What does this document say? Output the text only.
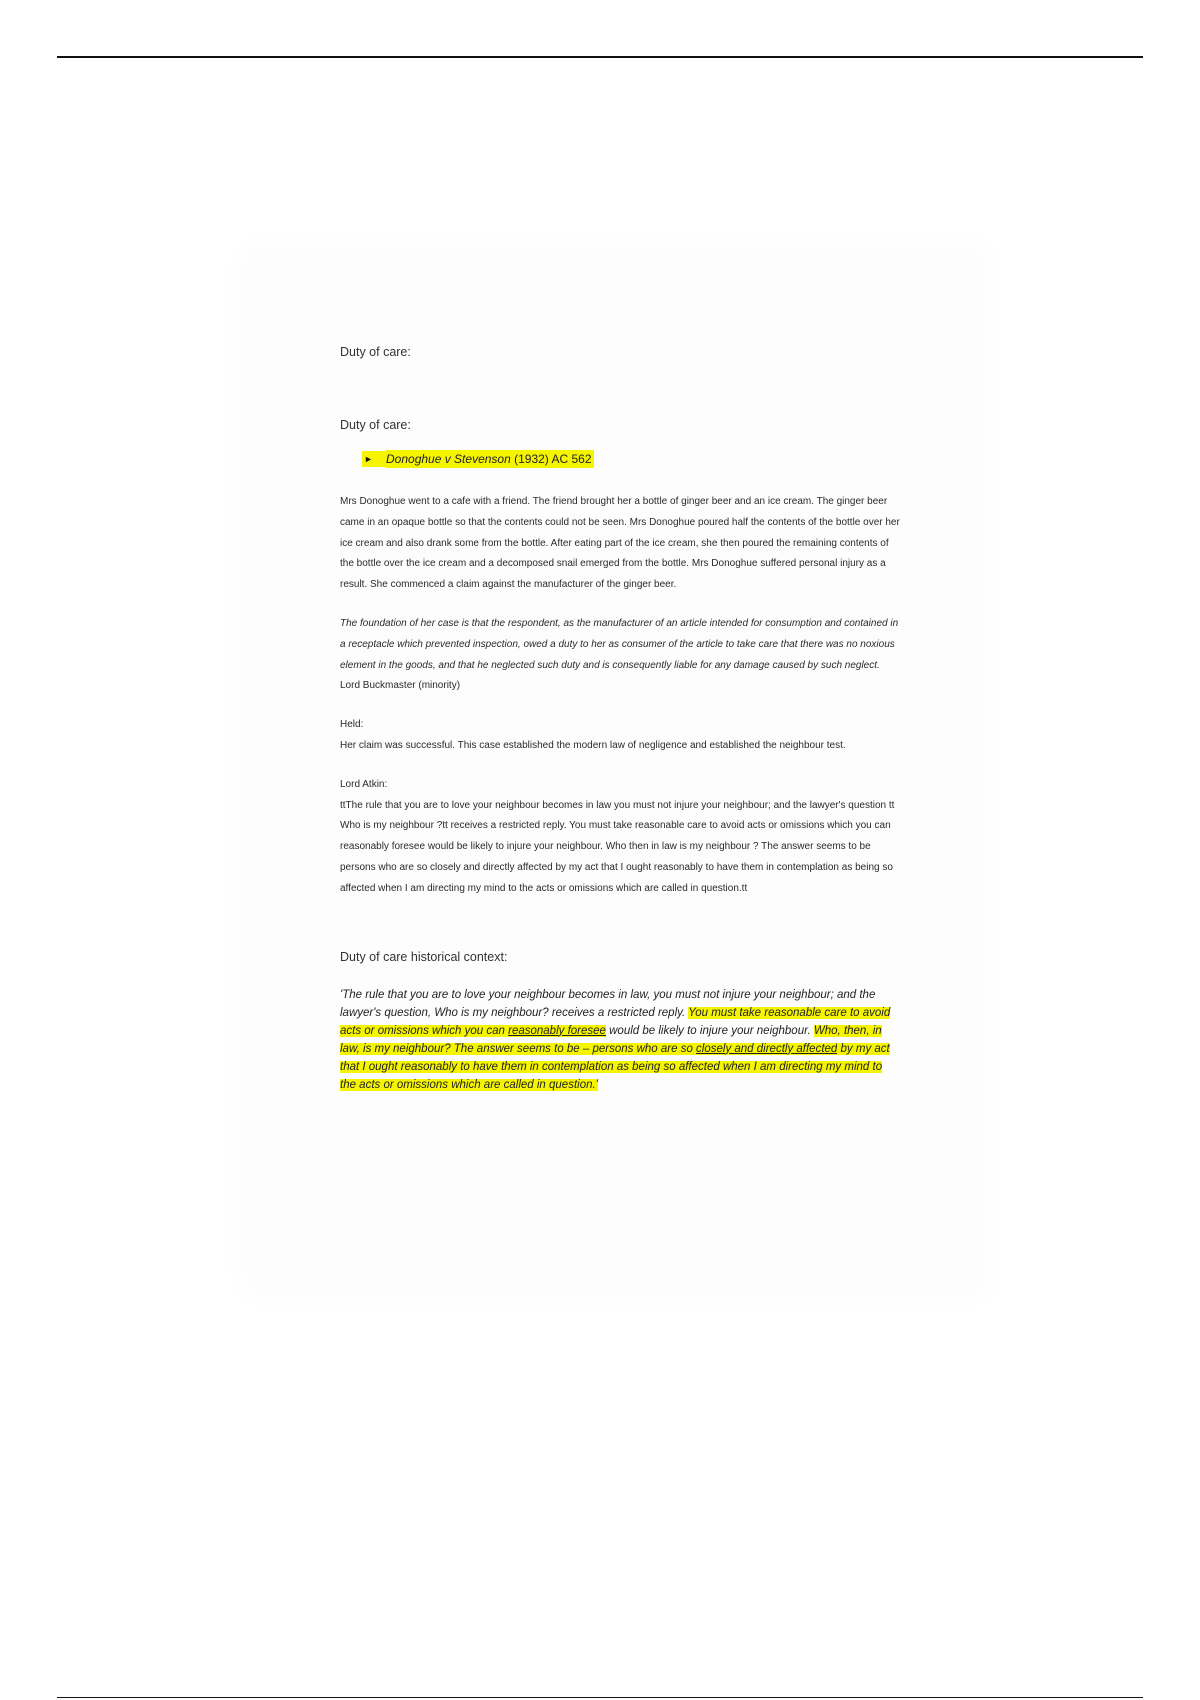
Duty of care:

Duty of care:

►	Donoghue v Stevenson (1932) AC 562

Mrs Donoghue went to a cafe with a friend. The friend brought her a bottle of ginger beer and an ice cream. The ginger beer came in an opaque bottle so that the contents could not be seen. Mrs Donoghue poured half the contents of the bottle over her ice cream and also drank some from the bottle. After eating part of the ice cream, she then poured the remaining contents of the bottle over the ice cream and a decomposed snail emerged from the bottle. Mrs Donoghue suffered personal injury as a result. She commenced a claim against the manufacturer of the ginger beer.

The foundation of her case is that the respondent, as the manufacturer of an article intended for consumption and contained in a receptacle which prevented inspection, owed a duty to her as consumer of the article to take care that there was no noxious element in the goods, and that he neglected such duty and is consequently liable for any damage caused by such neglect.

Lord Buckmaster (minority)

Held:

Her claim was successful. This case established the modern law of negligence and established the neighbour test.

Lord Atkin:

ttThe rule that you are to love your neighbour becomes in law you must not injure your neighbour; and the lawyer's question tt Who is my neighbour ?tt receives a restricted reply. You must take reasonable care to avoid acts or omissions which you can reasonably foresee would be likely to injure your neighbour. Who then in law is my neighbour ? The answer seems to be persons who are so closely and directly affected by my act that I ought reasonably to have them in contemplation as being so affected when I am directing my mind to the acts or omissions which are called in question.tt

Duty of care historical context:

'The rule that you are to love your neighbour becomes in law, you must not injure your neighbour; and the lawyer's question, Who is my neighbour? receives a restricted reply. You must take reasonable care to avoid acts or omissions which you can reasonably foresee would be likely to injure your neighbour. Who, then, in law, is my neighbour? The answer seems to be – persons who are so closely and directly affected by my act that I ought reasonably to have them in contemplation as being so affected when I am directing my mind to the acts or omissions which are called in question.'
